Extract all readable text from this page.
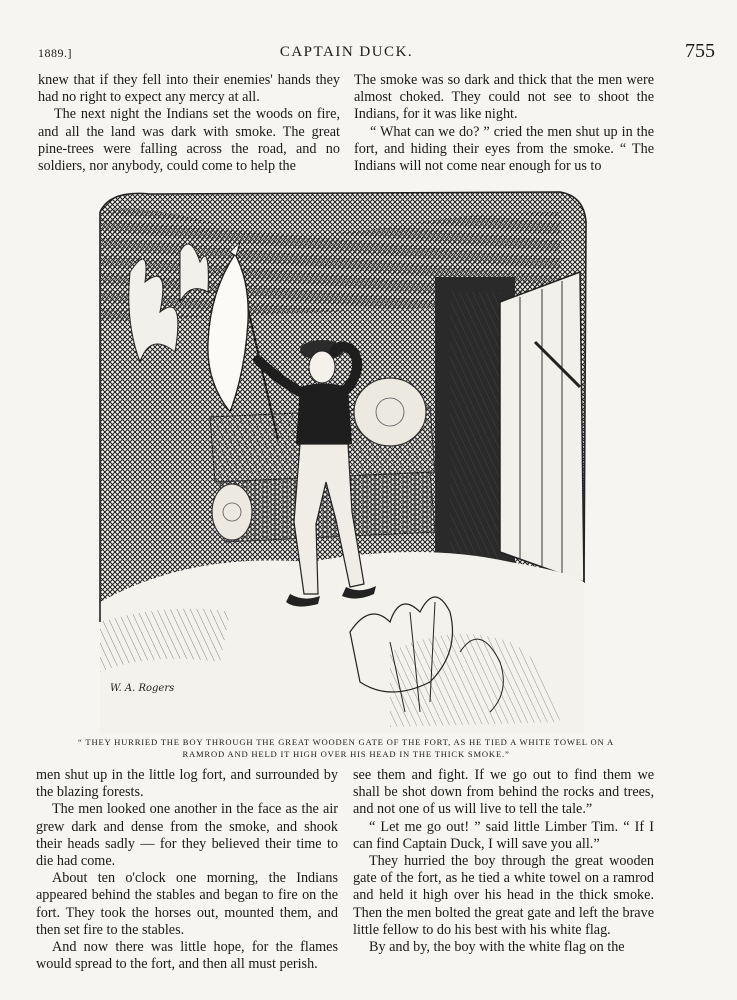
1889.]	CAPTAIN DUCK.	755

knew that if they fell into their enemies' hands they had no right to expect any mercy at all.

The next night the Indians set the woods on fire, and all the land was dark with smoke. The great pine-trees were falling across the road, and no soldiers, nor anybody, could come to help the

The smoke was so dark and thick that the men were almost choked. They could not see to shoot the Indians, for it was like night.

“ What can we do? ” cried the men shut up in the fort, and hiding their eyes from the smoke. “ The Indians will not come near enough for us to

W. A. Rogers
“ THEY HURRIED THE BOY THROUGH THE GREAT WOODEN GATE OF THE FORT, AS HE TIED A WHITE TOWEL ON A
RAMROD AND HELD IT HIGH OVER HIS HEAD IN THE THICK SMOKE.”

men shut up in the little log fort, and surrounded by the blazing forests.

The men looked one another in the face as the air grew dark and dense from the smoke, and shook their heads sadly — for they believed their time to die had come.

About ten o'clock one morning, the Indians appeared behind the stables and began to fire on the fort. They took the horses out, mounted them, and then set fire to the stables.

And now there was little hope, for the flames would spread to the fort, and then all must perish.

see them and fight. If we go out to find them we shall be shot down from behind the rocks and trees, and not one of us will live to tell the tale.”

“ Let me go out! ” said little Limber Tim. “ If I can find Captain Duck, I will save you all.”

They hurried the boy through the great wooden gate of the fort, as he tied a white towel on a ramrod and held it high over his head in the thick smoke. Then the men bolted the great gate and left the brave little fellow to do his best with his white flag.

By and by, the boy with the white flag on the
